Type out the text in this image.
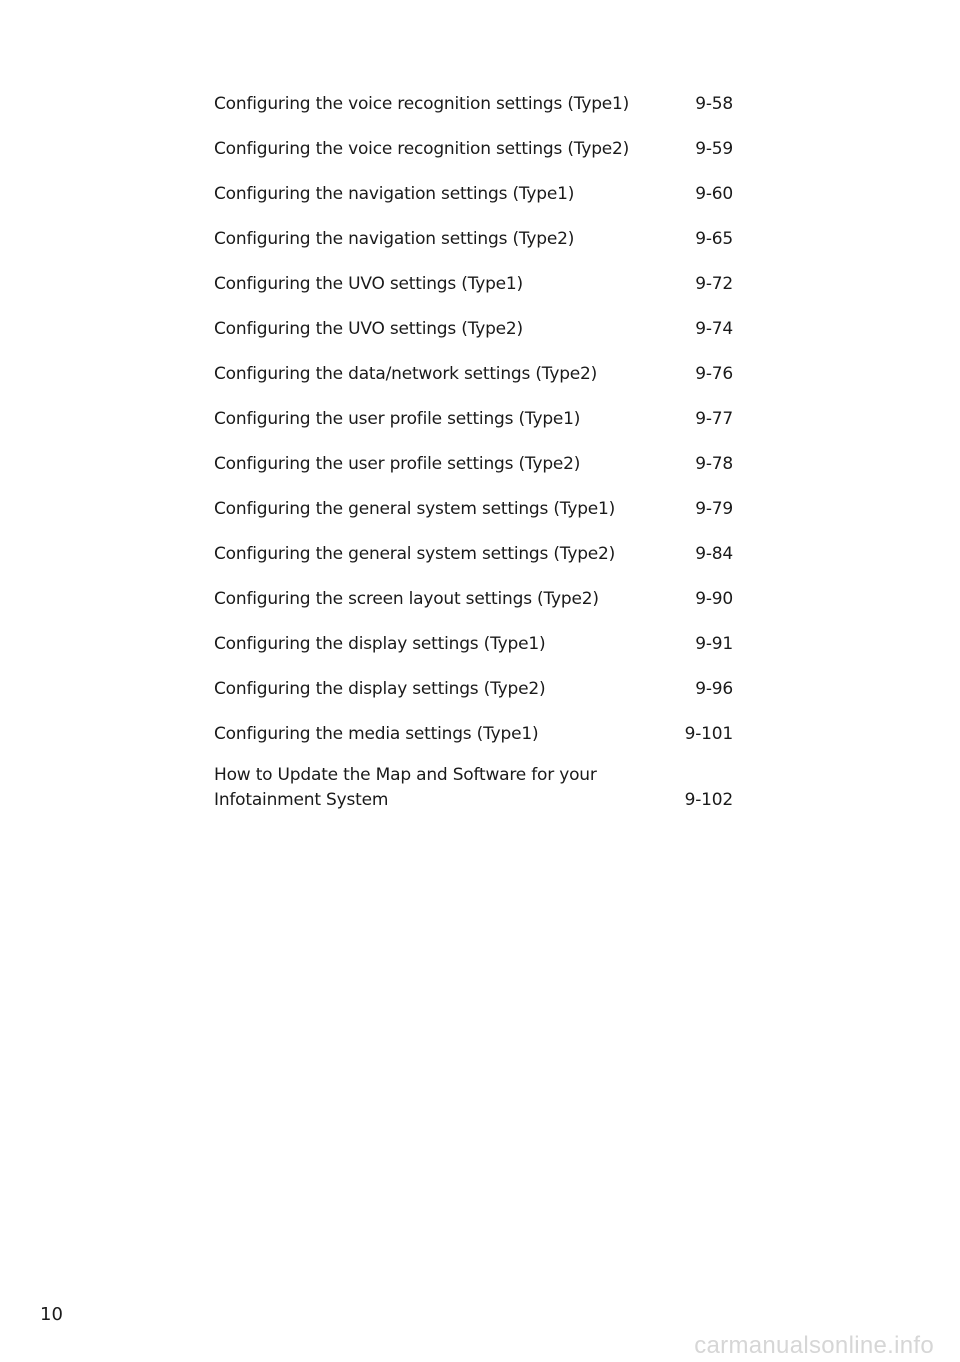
Configuring the voice recognition settings (Type1)	9-58
Configuring the voice recognition settings (Type2)	9-59
Configuring the navigation settings (Type1)	9-60
Configuring the navigation settings (Type2)	9-65
Configuring the UVO settings (Type1)	9-72
Configuring the UVO settings (Type2)	9-74
Configuring the data/network settings (Type2)	9-76
Configuring the user profile settings (Type1)	9-77
Configuring the user profile settings (Type2)	9-78
Configuring the general system settings (Type1)	9-79
Configuring the general system settings (Type2)	9-84
Configuring the screen layout settings (Type2)	9-90
Configuring the display settings (Type1)	9-91
Configuring the display settings (Type2)	9-96
Configuring the media settings (Type1)	9-101
How to Update the Map and Software for your
Infotainment System	9-102
10
carmanualsonline.info
